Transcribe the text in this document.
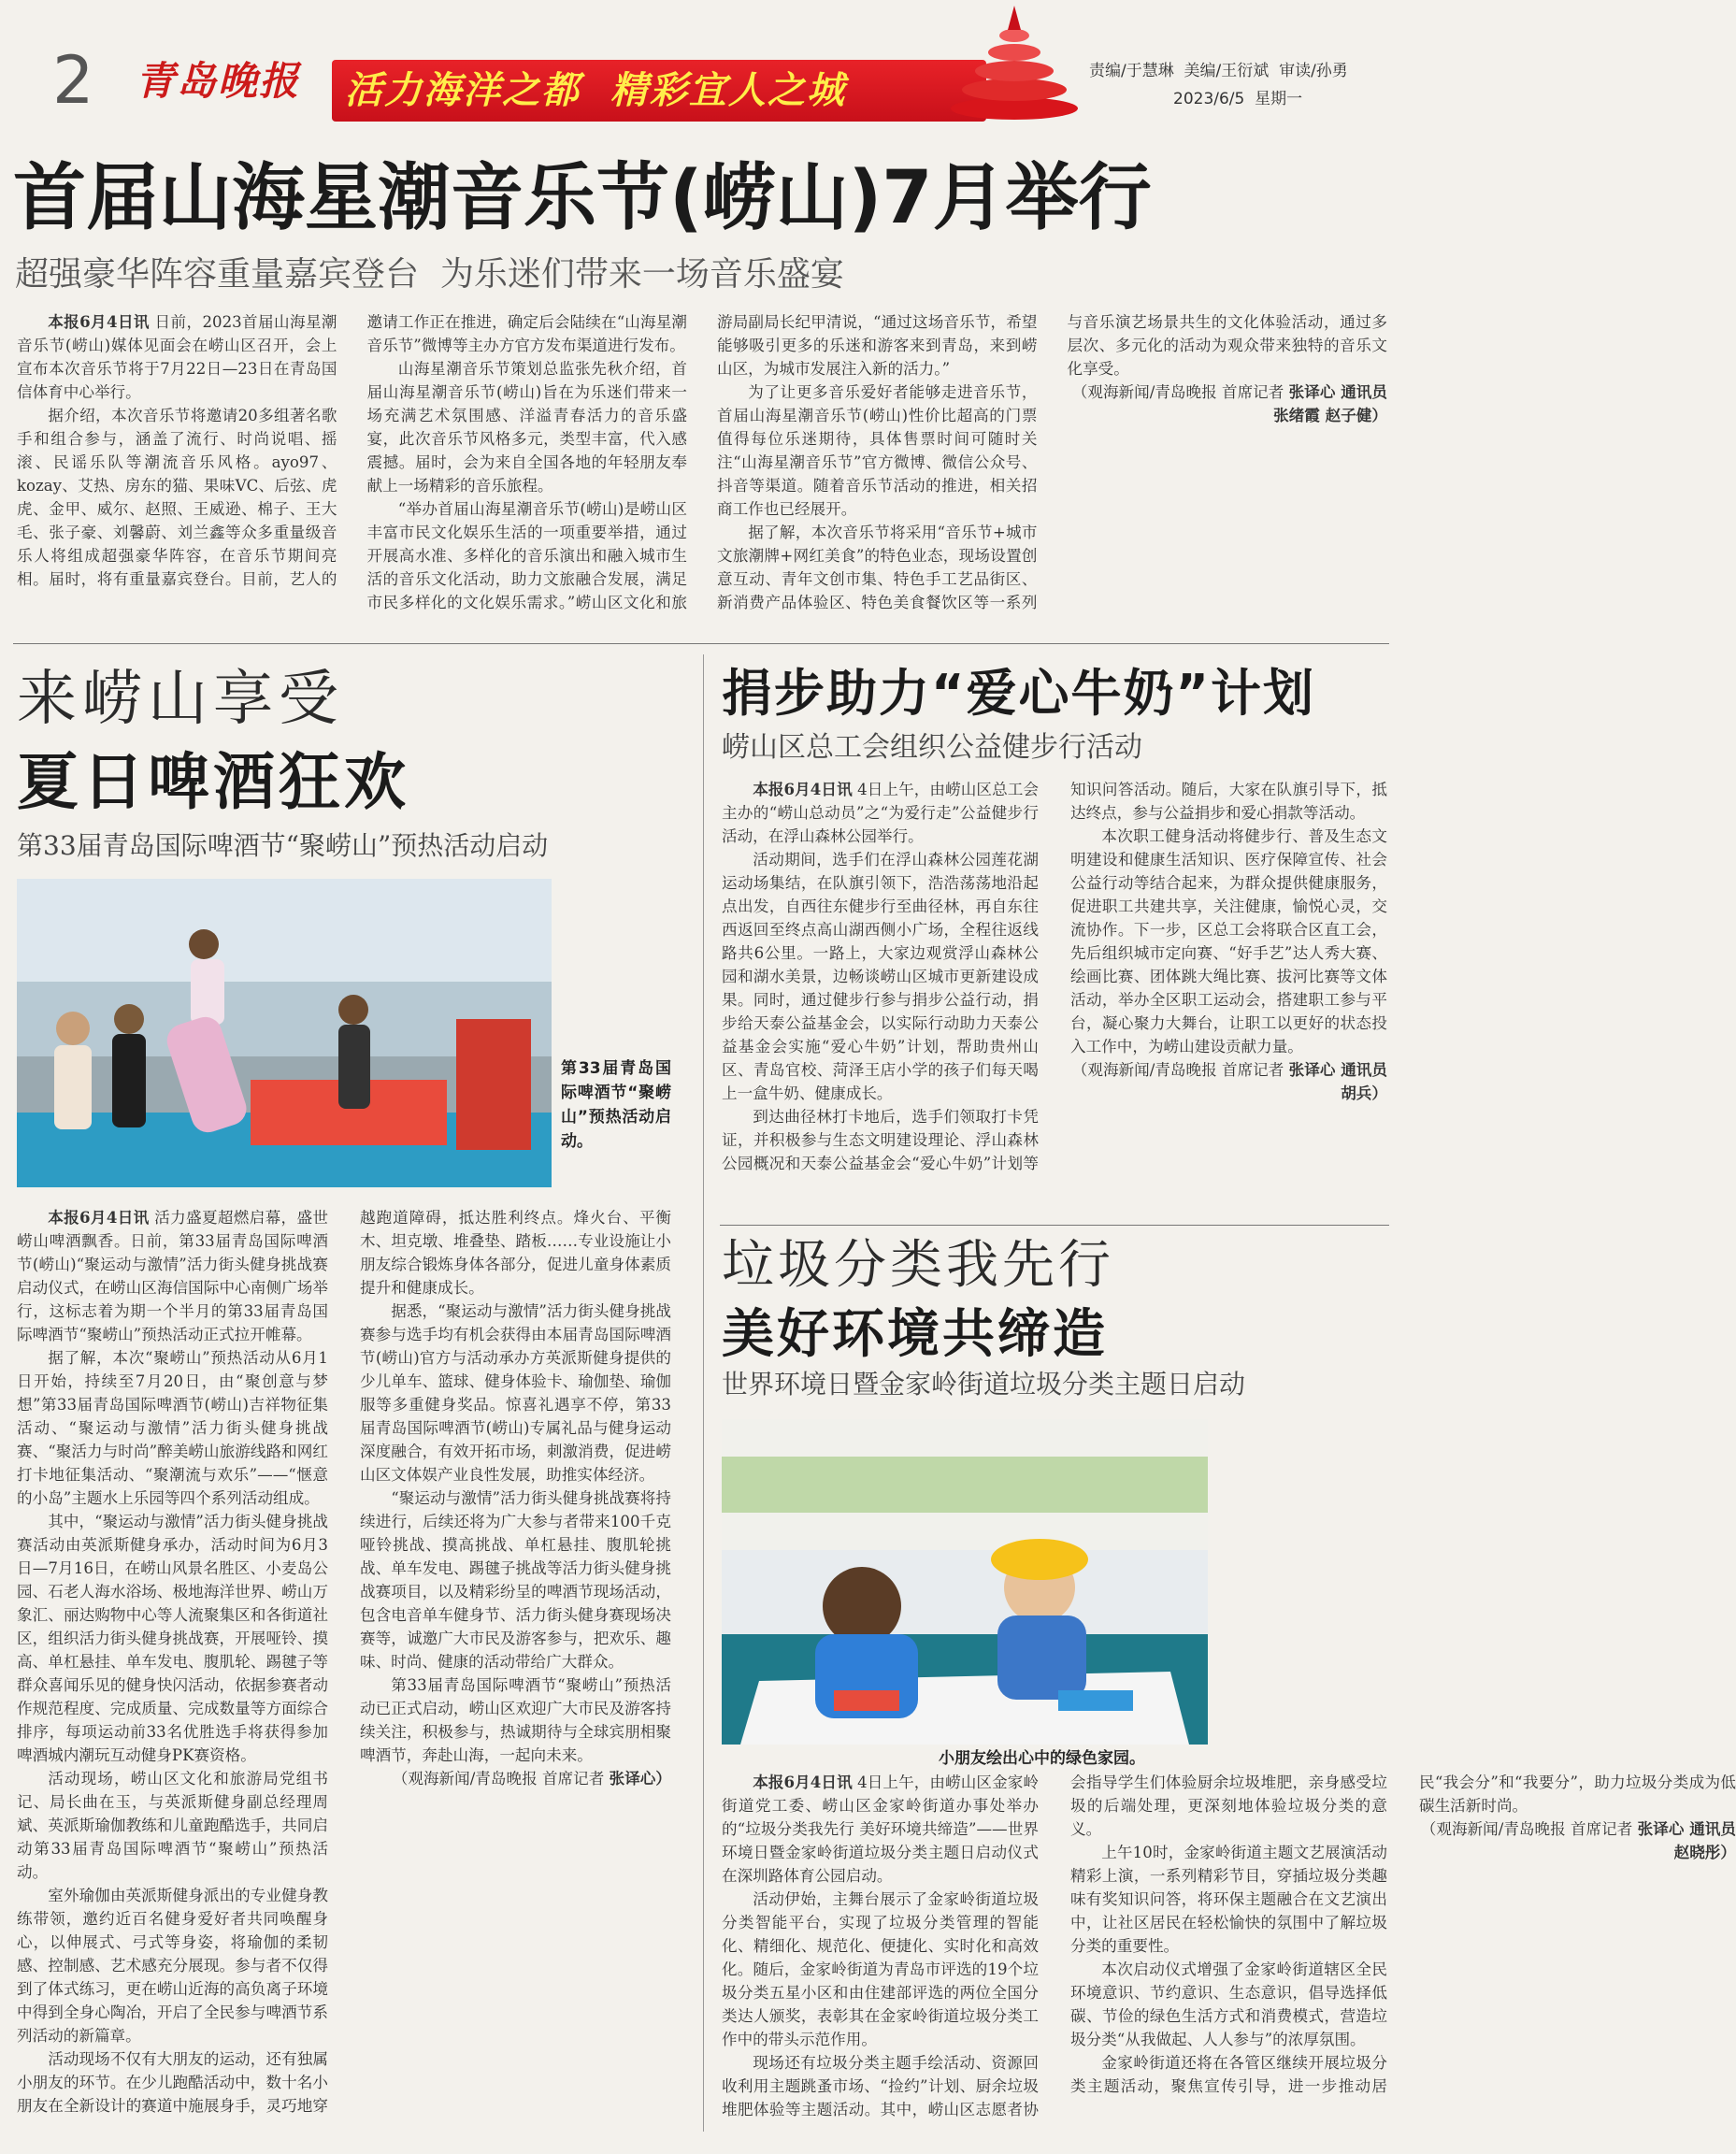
2 青岛晚报 活力海洋之都  精彩宜人之城	责编/于慧琳  美编/王衍斌  审读/孙勇
2023/6/5  星期一
首届山海星潮音乐节(崂山)7月举行
超强豪华阵容重量嘉宾登台  为乐迷们带来一场音乐盛宴

本报6月4日讯 日前，2023首届山海星潮音乐节(崂山)媒体见面会在崂山区召开，会上宣布本次音乐节将于7月22日—23日在青岛国信体育中心举行。

据介绍，本次音乐节将邀请20多组著名歌手和组合参与，涵盖了流行、时尚说唱、摇滚、民谣乐队等潮流音乐风格。ayo97、kozay、艾热、房东的猫、果味VC、后弦、虎虎、金甲、威尔、赵照、王威逊、棉子、王大毛、张子豪、刘馨蔚、刘兰鑫等众多重量级音乐人将组成超强豪华阵容，在音乐节期间亮相。届时，将有重量嘉宾登台。目前，艺人的邀请工作正在推进，确定后会陆续在“山海星潮音乐节”微博等主办方官方发布渠道进行发布。

山海星潮音乐节策划总监张先秋介绍，首届山海星潮音乐节(崂山)旨在为乐迷们带来一场充满艺术氛围感、洋溢青春活力的音乐盛宴，此次音乐节风格多元，类型丰富，代入感震撼。届时，会为来自全国各地的年轻朋友奉献上一场精彩的音乐旅程。

“举办首届山海星潮音乐节(崂山)是崂山区丰富市民文化娱乐生活的一项重要举措，通过开展高水准、多样化的音乐演出和融入城市生活的音乐文化活动，助力文旅融合发展，满足市民多样化的文化娱乐需求。”崂山区文化和旅游局副局长纪甲清说，“通过这场音乐节，希望能够吸引更多的乐迷和游客来到青岛，来到崂山区，为城市发展注入新的活力。”

为了让更多音乐爱好者能够走进音乐节，首届山海星潮音乐节(崂山)性价比超高的门票值得每位乐迷期待，具体售票时间可随时关注“山海星潮音乐节”官方微博、微信公众号、抖音等渠道。随着音乐节活动的推进，相关招商工作也已经展开。

据了解，本次音乐节将采用“音乐节+城市文旅潮牌+网红美食”的特色业态，现场设置创意互动、青年文创市集、特色手工艺品街区、新消费产品体验区、特色美食餐饮区等一系列与音乐演艺场景共生的文化体验活动，通过多层次、多元化的活动为观众带来独特的音乐文化享受。

（观海新闻/青岛晚报 首席记者 张译心 通讯员 张绪霞 赵子健）

来崂山享受
夏日啤酒狂欢
第33届青岛国际啤酒节“聚崂山”预热活动启动
第33届青岛国际啤酒节“聚崂山”预热活动启动。

本报6月4日讯 活力盛夏超燃启幕，盛世崂山啤酒飘香。日前，第33届青岛国际啤酒节(崂山)“聚运动与激情”活力街头健身挑战赛启动仪式，在崂山区海信国际中心南侧广场举行，这标志着为期一个半月的第33届青岛国际啤酒节“聚崂山”预热活动正式拉开帷幕。

据了解，本次“聚崂山”预热活动从6月1日开始，持续至7月20日，由“聚创意与梦想”第33届青岛国际啤酒节(崂山)吉祥物征集活动、“聚运动与激情”活力街头健身挑战赛、“聚活力与时尚”醉美崂山旅游线路和网红打卡地征集活动、“聚潮流与欢乐”——“惬意的小岛”主题水上乐园等四个系列活动组成。

其中，“聚运动与激情”活力街头健身挑战赛活动由英派斯健身承办，活动时间为6月3日—7月16日，在崂山风景名胜区、小麦岛公园、石老人海水浴场、极地海洋世界、崂山万象汇、丽达购物中心等人流聚集区和各街道社区，组织活力街头健身挑战赛，开展哑铃、摸高、单杠悬挂、单车发电、腹肌轮、踢毽子等群众喜闻乐见的健身快闪活动，依据参赛者动作规范程度、完成质量、完成数量等方面综合排序，每项运动前33名优胜选手将获得参加啤酒城内潮玩互动健身PK赛资格。

活动现场，崂山区文化和旅游局党组书记、局长曲在玉，与英派斯健身副总经理周斌、英派斯瑜伽教练和儿童跑酷选手，共同启动第33届青岛国际啤酒节“聚崂山”预热活动。

室外瑜伽由英派斯健身派出的专业健身教练带领，邀约近百名健身爱好者共同唤醒身心，以伸展式、弓式等身姿，将瑜伽的柔韧感、控制感、艺术感充分展现。参与者不仅得到了体式练习，更在崂山近海的高负离子环境中得到全身心陶冶，开启了全民参与啤酒节系列活动的新篇章。

活动现场不仅有大朋友的运动，还有独属小朋友的环节。在少儿跑酷活动中，数十名小朋友在全新设计的赛道中施展身手，灵巧地穿越跑道障碍，抵达胜利终点。烽火台、平衡木、坦克墩、堆叠垫、踏板……专业设施让小朋友综合锻炼身体各部分，促进儿童身体素质提升和健康成长。

据悉，“聚运动与激情”活力街头健身挑战赛参与选手均有机会获得由本届青岛国际啤酒节(崂山)官方与活动承办方英派斯健身提供的少儿单车、篮球、健身体验卡、瑜伽垫、瑜伽服等多重健身奖品。惊喜礼遇享不停，第33届青岛国际啤酒节(崂山)专属礼品与健身运动深度融合，有效开拓市场，刺激消费，促进崂山区文体娱产业良性发展，助推实体经济。

“聚运动与激情”活力街头健身挑战赛将持续进行，后续还将为广大参与者带来100千克哑铃挑战、摸高挑战、单杠悬挂、腹肌轮挑战、单车发电、踢毽子挑战等活力街头健身挑战赛项目，以及精彩纷呈的啤酒节现场活动，包含电音单车健身节、活力街头健身赛现场决赛等，诚邀广大市民及游客参与，把欢乐、趣味、时尚、健康的活动带给广大群众。

第33届青岛国际啤酒节“聚崂山”预热活动已正式启动，崂山区欢迎广大市民及游客持续关注，积极参与，热诚期待与全球宾朋相聚啤酒节，奔赴山海，一起向未来。

（观海新闻/青岛晚报 首席记者 张译心）

捐步助力“爱心牛奶”计划
崂山区总工会组织公益健步行活动

本报6月4日讯 4日上午，由崂山区总工会主办的“崂山总动员”之“为爱行走”公益健步行活动，在浮山森林公园举行。

活动期间，选手们在浮山森林公园莲花湖运动场集结，在队旗引领下，浩浩荡荡地沿起点出发，自西往东健步行至曲径林，再自东往西返回至终点高山湖西侧小广场，全程往返线路共6公里。一路上，大家边观赏浮山森林公园和湖水美景，边畅谈崂山区城市更新建设成果。同时，通过健步行参与捐步公益行动，捐步给天泰公益基金会，以实际行动助力天泰公益基金会实施“爱心牛奶”计划，帮助贵州山区、青岛官校、菏泽王店小学的孩子们每天喝上一盒牛奶、健康成长。

到达曲径林打卡地后，选手们领取打卡凭证，并积极参与生态文明建设理论、浮山森林公园概况和天泰公益基金会“爱心牛奶”计划等知识问答活动。随后，大家在队旗引导下，抵达终点，参与公益捐步和爱心捐款等活动。

本次职工健身活动将健步行、普及生态文明建设和健康生活知识、医疗保障宣传、社会公益行动等结合起来，为群众提供健康服务，促进职工共建共享，关注健康，愉悦心灵，交流协作。下一步，区总工会将联合区直工会，先后组织城市定向赛、“好手艺”达人秀大赛、绘画比赛、团体跳大绳比赛、拔河比赛等文体活动，举办全区职工运动会，搭建职工参与平台，凝心聚力大舞台，让职工以更好的状态投入工作中，为崂山建设贡献力量。

（观海新闻/青岛晚报 首席记者 张译心 通讯员 胡兵）

垃圾分类我先行
美好环境共缔造
世界环境日暨金家岭街道垃圾分类主题日启动
小朋友绘出心中的绿色家园。

本报6月4日讯 4日上午，由崂山区金家岭街道党工委、崂山区金家岭街道办事处举办的“垃圾分类我先行 美好环境共缔造”——世界环境日暨金家岭街道垃圾分类主题日启动仪式在深圳路体育公园启动。

活动伊始，主舞台展示了金家岭街道垃圾分类智能平台，实现了垃圾分类管理的智能化、精细化、规范化、便捷化、实时化和高效化。随后，金家岭街道为青岛市评选的19个垃圾分类五星小区和由住建部评选的两位全国分类达人颁奖，表彰其在金家岭街道垃圾分类工作中的带头示范作用。

现场还有垃圾分类主题手绘活动、资源回收利用主题跳蚤市场、“捡约”计划、厨余垃圾堆肥体验等主题活动。其中，崂山区志愿者协会指导学生们体验厨余垃圾堆肥，亲身感受垃圾的后端处理，更深刻地体验垃圾分类的意义。

上午10时，金家岭街道主题文艺展演活动精彩上演，一系列精彩节目，穿插垃圾分类趣味有奖知识问答，将环保主题融合在文艺演出中，让社区居民在轻松愉快的氛围中了解垃圾分类的重要性。

本次启动仪式增强了金家岭街道辖区全民环境意识、节约意识、生态意识，倡导选择低碳、节俭的绿色生活方式和消费模式，营造垃圾分类“从我做起、人人参与”的浓厚氛围。

金家岭街道还将在各管区继续开展垃圾分类主题活动，聚焦宣传引导，进一步推动居民“我会分”和“我要分”，助力垃圾分类成为低碳生活新时尚。

（观海新闻/青岛晚报 首席记者 张译心 通讯员 赵晓彤）
